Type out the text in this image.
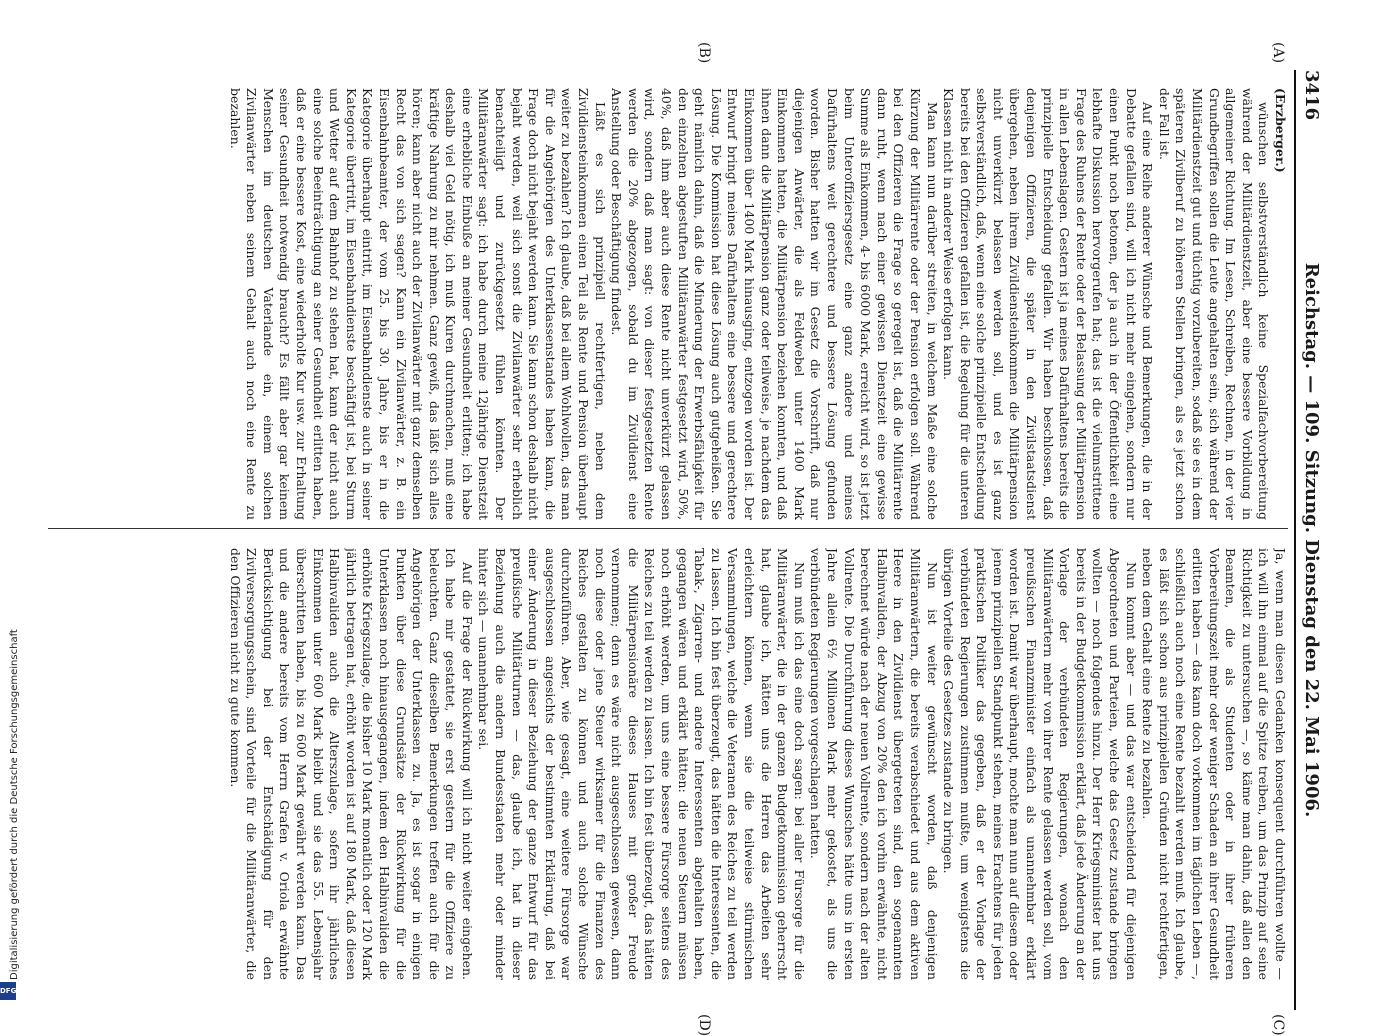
3416
Reichstag. — 109. Sitzung. Dienstag den 22. Mai 1906.
(A)
(B)
(C)
(D)

(Erzberger.)

wünschen selbstverständlich keine Spezialfachvorbereitung während der Militärdienstzeit, aber eine bessere Vorbildung in allgemeiner Richtung. Im Lesen, Schreiben, Rechnen, in der vier Grundbegriffen sollen die Leute angehalten sein, sich während der Militärdienstzeit gut und tüchtig vorzubereiten, sodaß sie es in dem späteren Zivilberuf zu höheren Stellen bringen, als es jetzt schon der Fall ist.

Auf eine Reihe anderer Wünsche und Bemerkungen, die in der Debatte gefallen sind, will ich nicht mehr eingehen, sondern nur einen Punkt noch betonen, der ja auch in der Öffentlichkeit eine lebhafte Diskussion hervorgerufen hat; das ist die vielumstrittene Frage des Ruhens der Rente oder der Belassung der Militärpension in allen Lebenslagen. Gestern ist ja meines Dafürhaltens bereits die prinzipielle Entscheidung gefallen. Wir haben beschlossen, daß denjenigen Offizieren, die später in den Zivilstaatsdienst übergehen, neben ihrem Zivildiensteinkommen die Militärpension nicht unverkürzt belassen werden soll, und es ist ganz selbstverständlich, daß, wenn eine solche prinzipielle Entscheidung bereits bei den Offizieren gefallen ist, die Regelung für die unteren Klassen nicht in anderer Weise erfolgen kann.

Man kann nun darüber streiten, in welchem Maße eine solche Kürzung der Militärrente oder der Pension erfolgen soll. Während bei den Offizieren die Frage so geregelt ist, daß die Militärrente dann ruht, wenn nach einer gewissen Dienstzeit eine gewisse Summe als Einkommen, 4- bis 6000 Mark, erreicht wird, so ist jetzt beim Unteroffiziersgesetz eine ganz andere und meines Dafürhaltens weit gerechtere und bessere Lösung gefunden worden. Bisher hatten wir im Gesetz die Vorschrift, daß nur diejenigen Anwärter, die als Feldwebel unter 1400 Mark Einkommen hatten, die Militärpension beziehen konnten, und daß ihnen dann die Militärpension ganz oder teilweise, je nachdem das Einkommen über 1400 Mark hinausging, entzogen worden ist. Der Entwurf bringt meines Dafürhaltens eine bessere und gerechtere Lösung. Die Kommission hat diese Lösung auch gutgeheißen. Sie geht nämlich dahin, daß die Minderung der Erwerbsfähigkeit für den einzelnen abgestuften Militäranwärter festgesetzt wird, 50%, 40%, daß ihm aber auch diese Rente nicht unverkürzt gelassen wird, sondern daß man sagt: von dieser festgesetzten Rente werden die 20% abgezogen, sobald du im Zivildienst eine Anstellung oder Beschäftigung findest.

Läßt es sich prinzipiell rechtfertigen, neben dem Zivildiensteinkommen einen Teil als Rente und Pension überhaupt weiter zu bezahlen? Ich glaube, daß bei allem Wohlwollen, das man für die Angehörigen des Unterklassenstandes haben kann, die Frage doch nicht bejaht werden kann. Sie kann schon deshalb nicht bejaht werden, weil sich sonst die Zivilanwärter sehr erheblich benachteiligt und zurückgesetzt fühlen könnten. Der Militäranwärter sagt: ich habe durch meine 12jährige Dienstzeit eine erhebliche Einbuße an meiner Gesundheit erlitten; ich habe deshalb viel Geld nötig, ich muß Kuren durchmachen, muß eine kräftige Nahrung zu mir nehmen. Ganz gewiß, das läßt sich alles hören; kann aber nicht auch der Zivilanwärter mit ganz demselben Recht das von sich sagen? Kann ein Zivilanwärter, z. B. ein Eisenbahnbeamter, der vom 25. bis 30. Jahre, bis er in die Kategorie überhaupt eintritt, im Eisenbahndienste auch in seiner Kategorie übertritt, im Eisenbahndienste beschäftigt ist, bei Sturm und Wetter auf dem Bahnhof zu stehen hat, kann der nicht auch eine solche Beeinträchtigung an seiner Gesundheit erlitten haben, daß er eine bessere Kost, eine wiederholte Kur usw. zur Erhaltung seiner Gesundheit notwendig braucht? Es fällt aber gar keinem Menschen im deutschen Vaterlande ein, einem solchen Zivilanwärter neben seinem Gehalt auch noch eine Rente zu bezahlen.

Ja, wenn man diesen Gedanken konsequent durchführen wollte — ich will ihn einmal auf die Spitze treiben, um das Prinzip auf seine Richtigkeit zu untersuchen —, so käme man dahin, daß allen den Beamten, die als Studenten oder in ihrer früheren Vorbereitungszeit mehr oder weniger Schaden an ihrer Gesundheit erlitten haben — das kann doch vorkommen im täglichen Leben —, schließlich auch noch eine Rente bezahlt werden muß. Ich glaube, es läßt sich schon aus prinzipiellen Gründen nicht rechtfertigen, neben dem Gehalt eine Rente zu bezahlen.

Nun kommt aber — und das war entscheidend für diejenigen Abgeordneten und Parteien, welche das Gesetz zustande bringen wollten — noch folgendes hinzu. Der Herr Kriegsminister hat uns bereits in der Budgetkommission erklärt, daß jede Änderung an der Vorlage der verbündeten Regierungen, wonach den Militäranwärtern mehr von ihrer Rente gelassen werden soll, vom preußischen Finanzminister einfach als unannehmbar erklärt worden ist. Damit war überhaupt, mochte man nun auf diesem oder jenem prinzipiellen Standpunkt stehen, meines Erachtens für jeden praktischen Politiker das gegeben, daß er der Vorlage der verbündeten Regierungen zustimmen mußte, um wenigstens die übrigen Vorteile des Gesetzes zustande zu bringen.

Nun ist weiter gewünscht worden, daß denjenigen Militäranwärtern, die bereits verabschiedet und aus dem aktiven Heere in den Zivildienst übergetreten sind, den sogenannten Halbinvaliden, der Abzug von 20% den ich vorhin erwähnte, nicht berechnet würde nach der neuen Vollrente, sondern nach der alten Vollrente. Die Durchführung dieses Wunsches hätte uns in ersten Jahre allein 6½ Millionen Mark mehr gekostet, als uns die verbündeten Regierungen vorgeschlagen hatten.

Nun muß ich das eine doch sagen: bei aller Fürsorge für die Militäranwärter, die in der ganzen Budgetkommission geherrscht hat, glaube ich, hätten uns die Herren das Arbeiten sehr erleichtern können, wenn sie die teilweise stürmischen Versammlungen, welche die Veteranen des Reiches zu teil werden zu lassen. Ich bin fest überzeugt, das hätten die Interessenten, die Tabak-, Zigarren- und andere Interessenten abgehalten haben, gegangen wären und erklärt hätten: die neuen Steuern müssen noch erhöht werden, um uns eine bessere Fürsorge seitens des Reiches zu teil werden zu lassen. Ich bin fest überzeugt, das hätten die Militärpensionäre dieses Hauses mit großer Freude vernommen; denn es wäre nicht ausgeschlossen gewesen, dann noch diese oder jene Steuer wirksamer für die Finanzen des Reiches gestalten zu können und auch solche Wünsche durchzuführen. Aber, wie gesagt, eine weitere Fürsorge war ausgeschlossen angesichts der bestimmten Erklärung, daß bei einer Änderung in dieser Beziehung der ganze Entwurf für das preußische Militärturnen — das, glaube ich, hat in dieser Beziehung auch die andern Bundesstaaten mehr oder minder hinter sich — unannehmbar sei.

Auf die Frage der Rückwirkung will ich nicht weiter eingehen. Ich habe mir gestattet, sie erst gestern für die Offiziere zu beleuchten. Ganz dieselben Bemerkungen treffen auch für die Angehörigen der Unterklassen zu. Ja, es ist sogar in einigen Punkten über diese Grundsätze der Rückwirkung für die Unterklassen noch hinausgegangen, indem den Halbinvaliden die erhöhte Kriegszulage, die bisher 10 Mark monatlich oder 120 Mark jährlich betragen hat, erhöht worden ist auf 180 Mark, daß diesen Halbinvaliden auch die Alterszulage, sofern ihr jährliches Einkommen unter 600 Mark bleibt und sie das 55. Lebensjahr überschritten haben, bis zu 600 Mark gewährt werden kann. Das und die andere bereits vom Herrn Grafen v. Oriola erwähnte Berücksichtigung bei der Entschädigung für den Zivilversorgungsschein, sind Vorteile für die Militäranwärter, die den Offizieren nicht zu gute kommen.

Digitalisierung gefördert durch die Deutsche Forschungsgemeinschaft
DFG
